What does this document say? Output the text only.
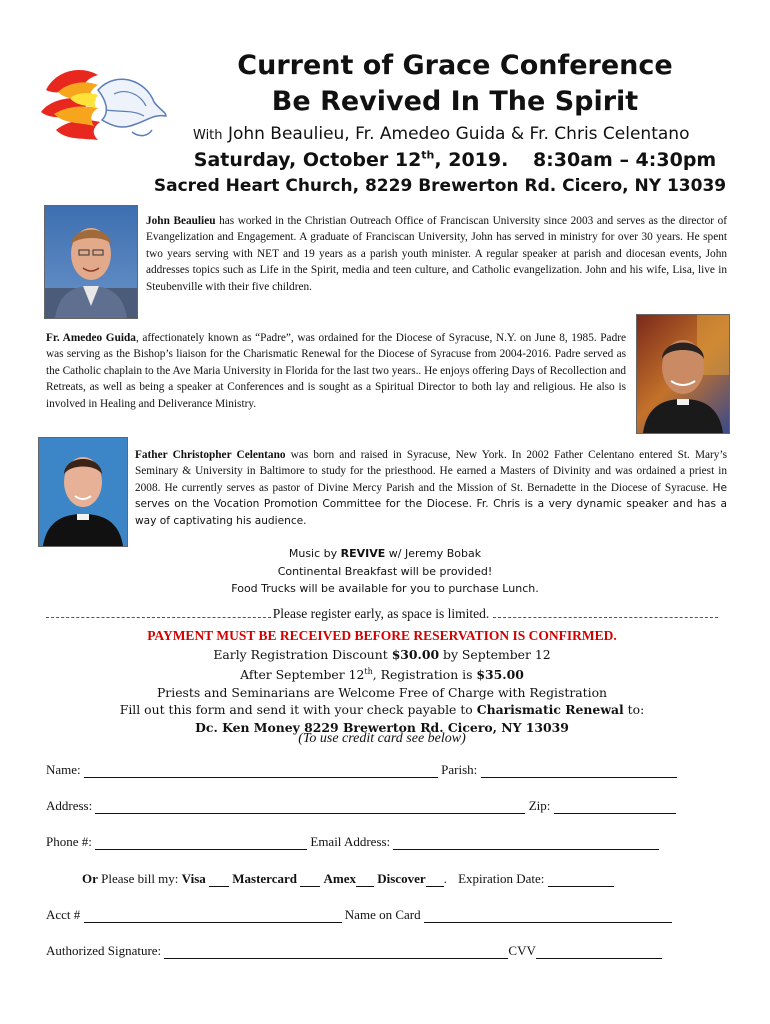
Current of Grace Conference
Be Revived In The Spirit
With John Beaulieu, Fr. Amedeo Guida & Fr. Chris Celentano
Saturday, October 12th, 2019. 8:30am – 4:30pm
Sacred Heart Church, 8229 Brewerton Rd. Cicero, NY 13039
John Beaulieu has worked in the Christian Outreach Office of Franciscan University since 2003 and serves as the director of Evangelization and Engagement. A graduate of Franciscan University, John has served in ministry for over 30 years. He spent two years serving with NET and 19 years as a parish youth minister. A regular speaker at parish and diocesan events, John addresses topics such as Life in the Spirit, media and teen culture, and Catholic evangelization. John and his wife, Lisa, live in Steubenville with their five children.
Fr. Amedeo Guida, affectionately known as “Padre”, was ordained for the Diocese of Syracuse, N.Y. on June 8, 1985. Padre was serving as the Bishop’s liaison for the Charismatic Renewal for the Diocese of Syracuse from 2004-2016. Padre served as the Catholic chaplain to the Ave Maria University in Florida for the last two years.. He enjoys offering Days of Recollection and Retreats, as well as being a speaker at Conferences and is sought as a Spiritual Director to both lay and religious. He also is involved in Healing and Deliverance Ministry.
Father Christopher Celentano was born and raised in Syracuse, New York. In 2002 Father Celentano entered St. Mary’s Seminary & University in Baltimore to study for the priesthood. He earned a Masters of Divinity and was ordained a priest in 2008. He currently serves as pastor of Divine Mercy Parish and the Mission of St. Bernadette in the Diocese of Syracuse. He serves on the Vocation Promotion Committee for the Diocese. Fr. Chris is a very dynamic speaker and has a way of captivating his audience.
Music by REVIVE w/ Jeremy Bobak
Continental Breakfast will be provided!
Food Trucks will be available for you to purchase Lunch.
Please register early, as space is limited.
PAYMENT MUST BE RECEIVED BEFORE RESERVATION IS CONFIRMED.
Early Registration Discount $30.00 by September 12
After September 12th, Registration is $35.00
Priests and Seminarians are Welcome Free of Charge with Registration
Fill out this form and send it with your check payable to Charismatic Renewal to:
Dc. Ken Money 8229 Brewerton Rd. Cicero, NY 13039
(To use credit card see below)
Name:	Parish:
Address:	Zip:
Phone #:	Email Address:
Or Please bill my: Visa Mastercard Amex Discover . Expiration Date:
Acct #	Name on Card
Authorized Signature:	CVV
